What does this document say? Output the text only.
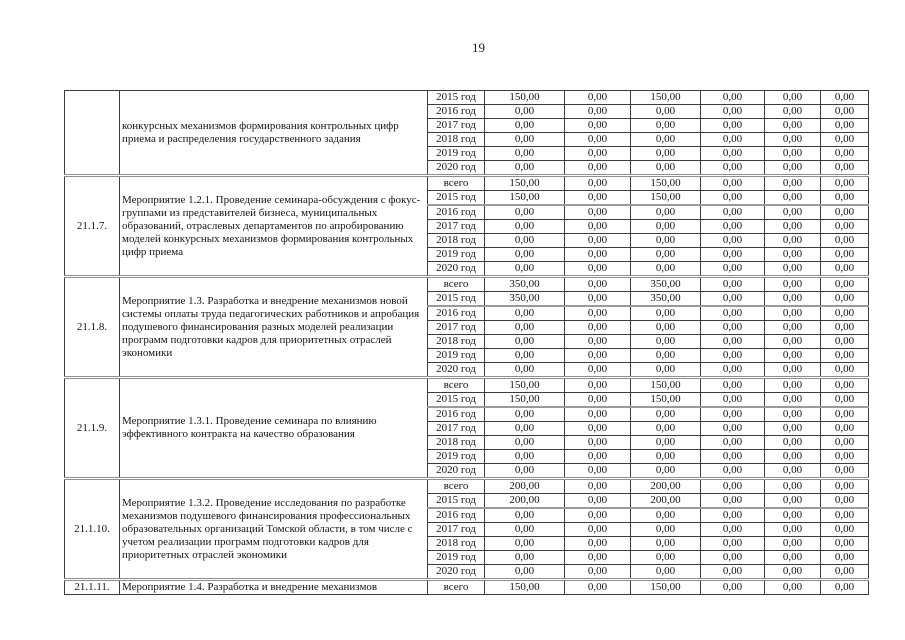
19
	конкурсных механизмов формирования контрольных цифр приема и распределения государственного задания	2015 год	150,00	0,00	150,00	0,00	0,00	0,00
		2016 год	0,00	0,00	0,00	0,00	0,00	0,00
		2017 год	0,00	0,00	0,00	0,00	0,00	0,00
		2018 год	0,00	0,00	0,00	0,00	0,00	0,00
		2019 год	0,00	0,00	0,00	0,00	0,00	0,00
		2020 год	0,00	0,00	0,00	0,00	0,00	0,00
21.1.7.	Мероприятие 1.2.1. Проведение семинара-обсуждения с фокус-группами из представителей бизнеса, муниципальных образований, отраслевых департаментов по апробированию моделей конкурсных механизмов формирования контрольных цифр приема	всего	150,00	0,00	150,00	0,00	0,00	0,00
		2015 год	150,00	0,00	150,00	0,00	0,00	0,00
		2016 год	0,00	0,00	0,00	0,00	0,00	0,00
		2017 год	0,00	0,00	0,00	0,00	0,00	0,00
		2018 год	0,00	0,00	0,00	0,00	0,00	0,00
		2019 год	0,00	0,00	0,00	0,00	0,00	0,00
		2020 год	0,00	0,00	0,00	0,00	0,00	0,00
21.1.8.	Мероприятие 1.3. Разработка и внедрение механизмов новой системы оплаты труда педагогических работников и апробация подушевого финансирования разных моделей реализации программ подготовки кадров для приоритетных отраслей экономики	всего	350,00	0,00	350,00	0,00	0,00	0,00
		2015 год	350,00	0,00	350,00	0,00	0,00	0,00
		2016 год	0,00	0,00	0,00	0,00	0,00	0,00
		2017 год	0,00	0,00	0,00	0,00	0,00	0,00
		2018 год	0,00	0,00	0,00	0,00	0,00	0,00
		2019 год	0,00	0,00	0,00	0,00	0,00	0,00
		2020 год	0,00	0,00	0,00	0,00	0,00	0,00
21.1.9.	Мероприятие 1.3.1. Проведение семинара по влиянию эффективного контракта на качество образования	всего	150,00	0,00	150,00	0,00	0,00	0,00
		2015 год	150,00	0,00	150,00	0,00	0,00	0,00
		2016 год	0,00	0,00	0,00	0,00	0,00	0,00
		2017 год	0,00	0,00	0,00	0,00	0,00	0,00
		2018 год	0,00	0,00	0,00	0,00	0,00	0,00
		2019 год	0,00	0,00	0,00	0,00	0,00	0,00
		2020 год	0,00	0,00	0,00	0,00	0,00	0,00
21.1.10.	Мероприятие 1.3.2. Проведение исследования по разработке механизмов подушевого финансирования профессиональных образовательных организаций Томской области, в том числе с учетом реализации программ подготовки кадров для приоритетных отраслей экономики	всего	200,00	0,00	200,00	0,00	0,00	0,00
		2015 год	200,00	0,00	200,00	0,00	0,00	0,00
		2016 год	0,00	0,00	0,00	0,00	0,00	0,00
		2017 год	0,00	0,00	0,00	0,00	0,00	0,00
		2018 год	0,00	0,00	0,00	0,00	0,00	0,00
		2019 год	0,00	0,00	0,00	0,00	0,00	0,00
		2020 год	0,00	0,00	0,00	0,00	0,00	0,00
21.1.11.	Мероприятие 1.4. Разработка и внедрение механизмов	всего	150,00	0,00	150,00	0,00	0,00	0,00
